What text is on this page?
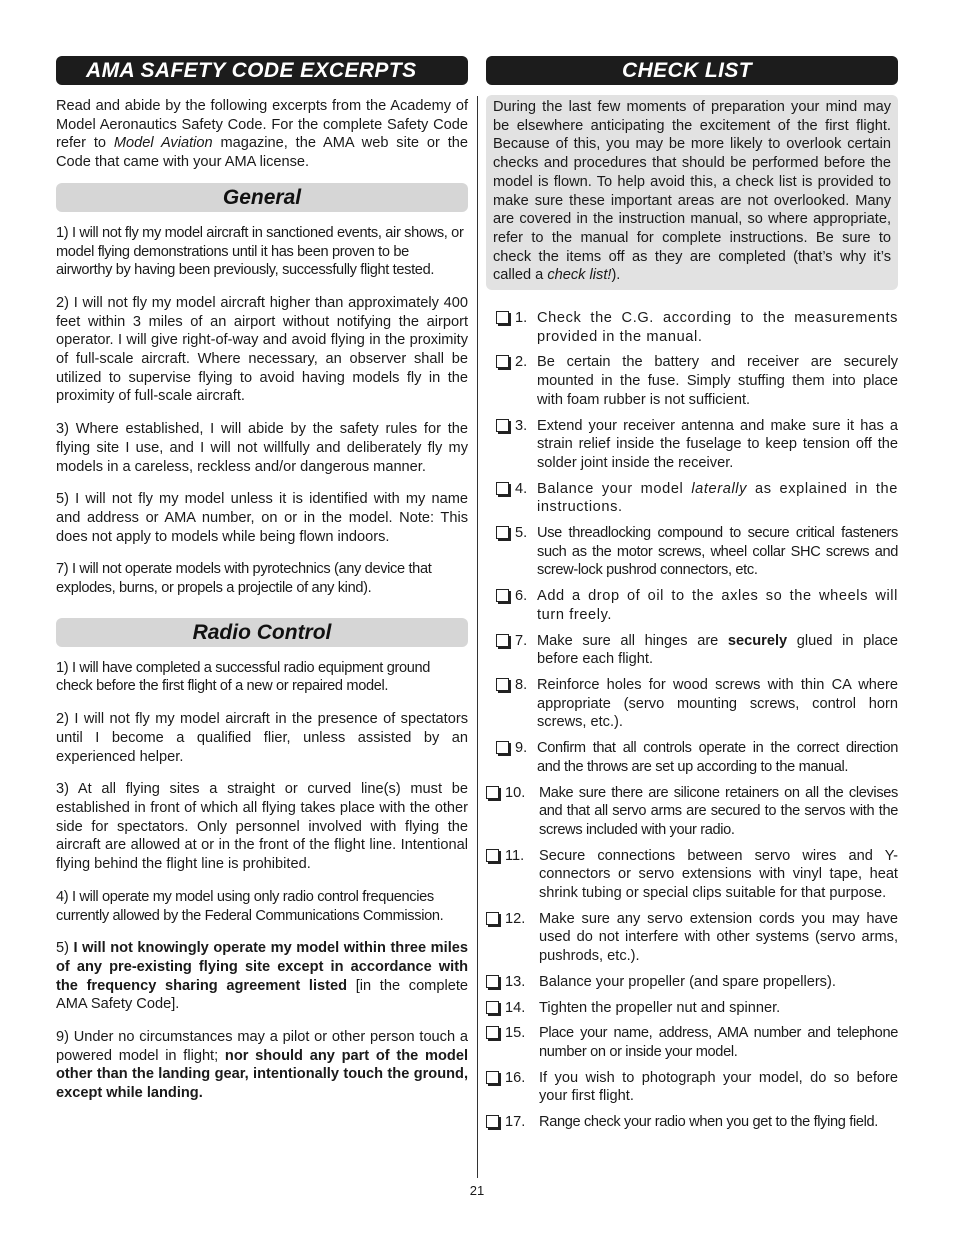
AMA SAFETY CODE EXCERPTS

Read and abide by the following excerpts from the Academy of Model Aeronautics Safety Code. For the complete Safety Code refer to Model Aviation magazine, the AMA web site or the Code that came with your AMA license.

General

1) I will not fly my model aircraft in sanctioned events, air shows, or model flying demonstrations until it has been proven to be airworthy by having been previously, successfully flight tested.

2) I will not fly my model aircraft higher than approximately 400 feet within 3 miles of an airport without notifying the airport operator. I will give right-of-way and avoid flying in the proximity of full-scale aircraft. Where necessary, an observer shall be utilized to supervise flying to avoid having models fly in the proximity of full-scale aircraft.

3) Where established, I will abide by the safety rules for the flying site I use, and I will not willfully and deliberately fly my models in a careless, reckless and/or dangerous manner.

5) I will not fly my model unless it is identified with my name and address or AMA number, on or in the model. Note: This does not apply to models while being flown indoors.

7) I will not operate models with pyrotechnics (any device that explodes, burns, or propels a projectile of any kind).

Radio Control

1) I will have completed a successful radio equipment ground check before the first flight of a new or repaired model.

2) I will not fly my model aircraft in the presence of spectators until I become a qualified flier, unless assisted by an experienced helper.

3) At all flying sites a straight or curved line(s) must be established in front of which all flying takes place with the other side for spectators. Only personnel involved with flying the aircraft are allowed at or in the front of the flight line. Intentional flying behind the flight line is prohibited.

4) I will operate my model using only radio control frequencies currently allowed by the Federal Communications Commission.

5) I will not knowingly operate my model within three miles of any pre-existing flying site except in accordance with the frequency sharing agreement listed [in the complete AMA Safety Code].

9) Under no circumstances may a pilot or other person touch a powered model in flight; nor should any part of the model other than the landing gear, intentionally touch the ground, except while landing.

CHECK LIST

During the last few moments of preparation your mind may be elsewhere anticipating the excitement of the first flight. Because of this, you may be more likely to overlook certain checks and procedures that should be performed before the model is flown. To help avoid this, a check list is provided to make sure these important areas are not overlooked. Many are covered in the instruction manual, so where appropriate, refer to the manual for complete instructions. Be sure to check the items off as they are completed (that’s why it’s called a check list!).

1. Check the C.G. according to the measurements provided in the manual.
2. Be certain the battery and receiver are securely mounted in the fuse. Simply stuffing them into place with foam rubber is not sufficient.
3. Extend your receiver antenna and make sure it has a strain relief inside the fuselage to keep tension off the solder joint inside the receiver.
4. Balance your model laterally as explained in the instructions.
5. Use threadlocking compound to secure critical fasteners such as the motor screws, wheel collar SHC screws and screw-lock pushrod connectors, etc.
6. Add a drop of oil to the axles so the wheels will turn freely.
7. Make sure all hinges are securely glued in place before each flight.
8. Reinforce holes for wood screws with thin CA where appropriate (servo mounting screws, control horn screws, etc.).
9. Confirm that all controls operate in the correct direction and the throws are set up according to the manual.
10. Make sure there are silicone retainers on all the clevises and that all servo arms are secured to the servos with the screws included with your radio.
11.	Secure connections between servo wires and Y-connectors or servo extensions with vinyl tape, heat shrink tubing or special clips suitable for that purpose.
12. Make sure any servo extension cords you may have used do not interfere with other systems (servo arms, pushrods, etc.).
13. Balance your propeller (and spare propellers).
14. Tighten the propeller nut and spinner.
15. Place your name, address, AMA number and telephone number on or inside your model.
16. If you wish to photograph your model, do so before your first flight.
17. Range check your radio when you get to the flying field.
21
